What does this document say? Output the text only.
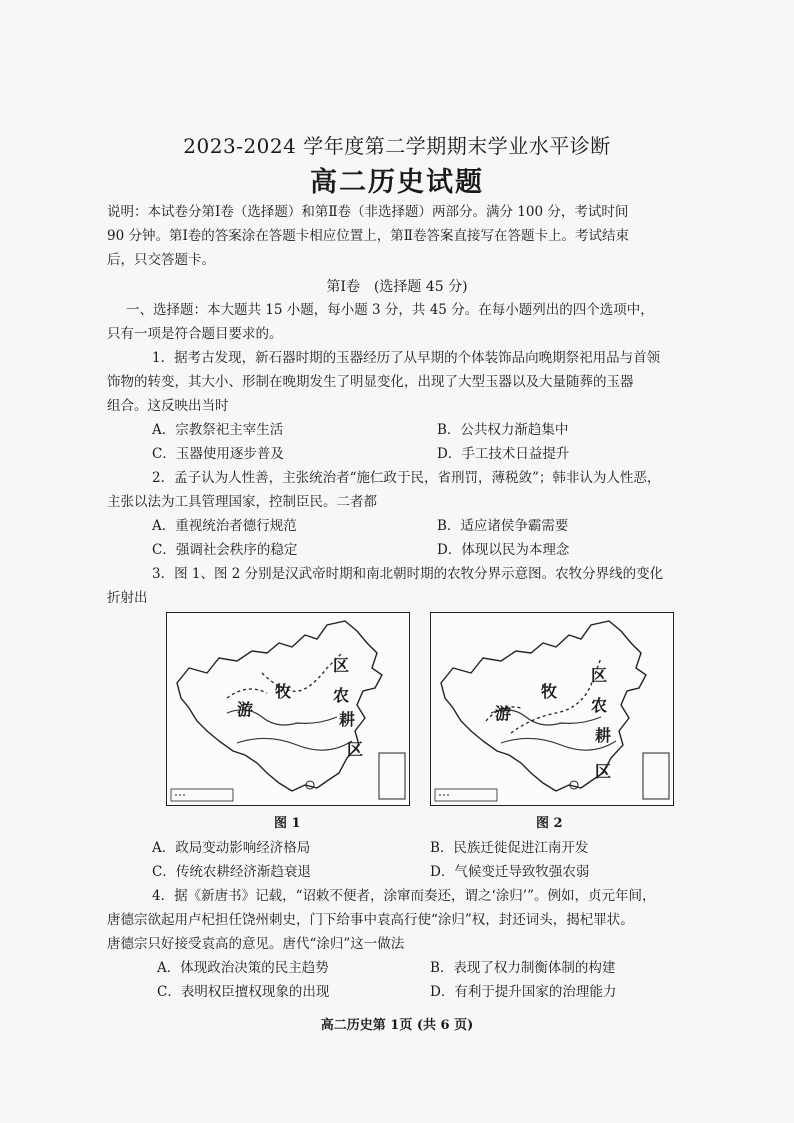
2023-2024 学年度第二学期期末学业水平诊断
高二历史试题
说明：本试卷分第Ⅰ卷（选择题）和第Ⅱ卷（非选择题）两部分。满分 100 分，考试时间
90 分钟。第Ⅰ卷的答案涂在答题卡相应位置上，第Ⅱ卷答案直接写在答题卡上。考试结束
后，只交答题卡。
第Ⅰ卷　(选择题 45 分)
一、选择题：本大题共 15 小题，每小题 3 分，共 45 分。在每小题列出的四个选项中，
只有一项是符合题目要求的。
1．据考古发现，新石器时期的玉器经历了从早期的个体装饰品向晚期祭祀用品与首领
饰物的转变，其大小、形制在晚期发生了明显变化，出现了大型玉器以及大量随葬的玉器
组合。这反映出当时
A．宗教祭祀主宰生活	B．公共权力渐趋集中
C．玉器使用逐步普及	D．手工技术日益提升
2．孟子认为人性善，主张统治者“施仁政于民，省刑罚，薄税敛”；韩非认为人性恶，
主张以法为工具管理国家，控制臣民。二者都
A．重视统治者德行规范	B．适应诸侯争霸需要
C．强调社会秩序的稳定	D．体现以民为本理念
3．图 1、图 2 分别是汉武帝时期和南北朝时期的农牧分界示意图。农牧分界线的变化
折射出
区
牧	农
游
耕
区
区
牧
游	农
耕
区
图 1	图 2
A．政局变动影响经济格局	B．民族迁徙促进江南开发
C．传统农耕经济渐趋衰退	D．气候变迁导致牧强农弱
4．据《新唐书》记载，“诏敕不便者，涂窜而奏还，谓之‘涂归’”。例如，贞元年间，
唐德宗欲起用卢杞担任饶州刺史，门下给事中袁高行使“涂归”权，封还词头，揭杞罪状。
唐德宗只好接受袁高的意见。唐代“涂归”这一做法
A．体现政治决策的民主趋势	B．表现了权力制衡体制的构建
C．表明权臣擅权现象的出现	D．有利于提升国家的治理能力
高二历史第 1页 (共 6 页)
